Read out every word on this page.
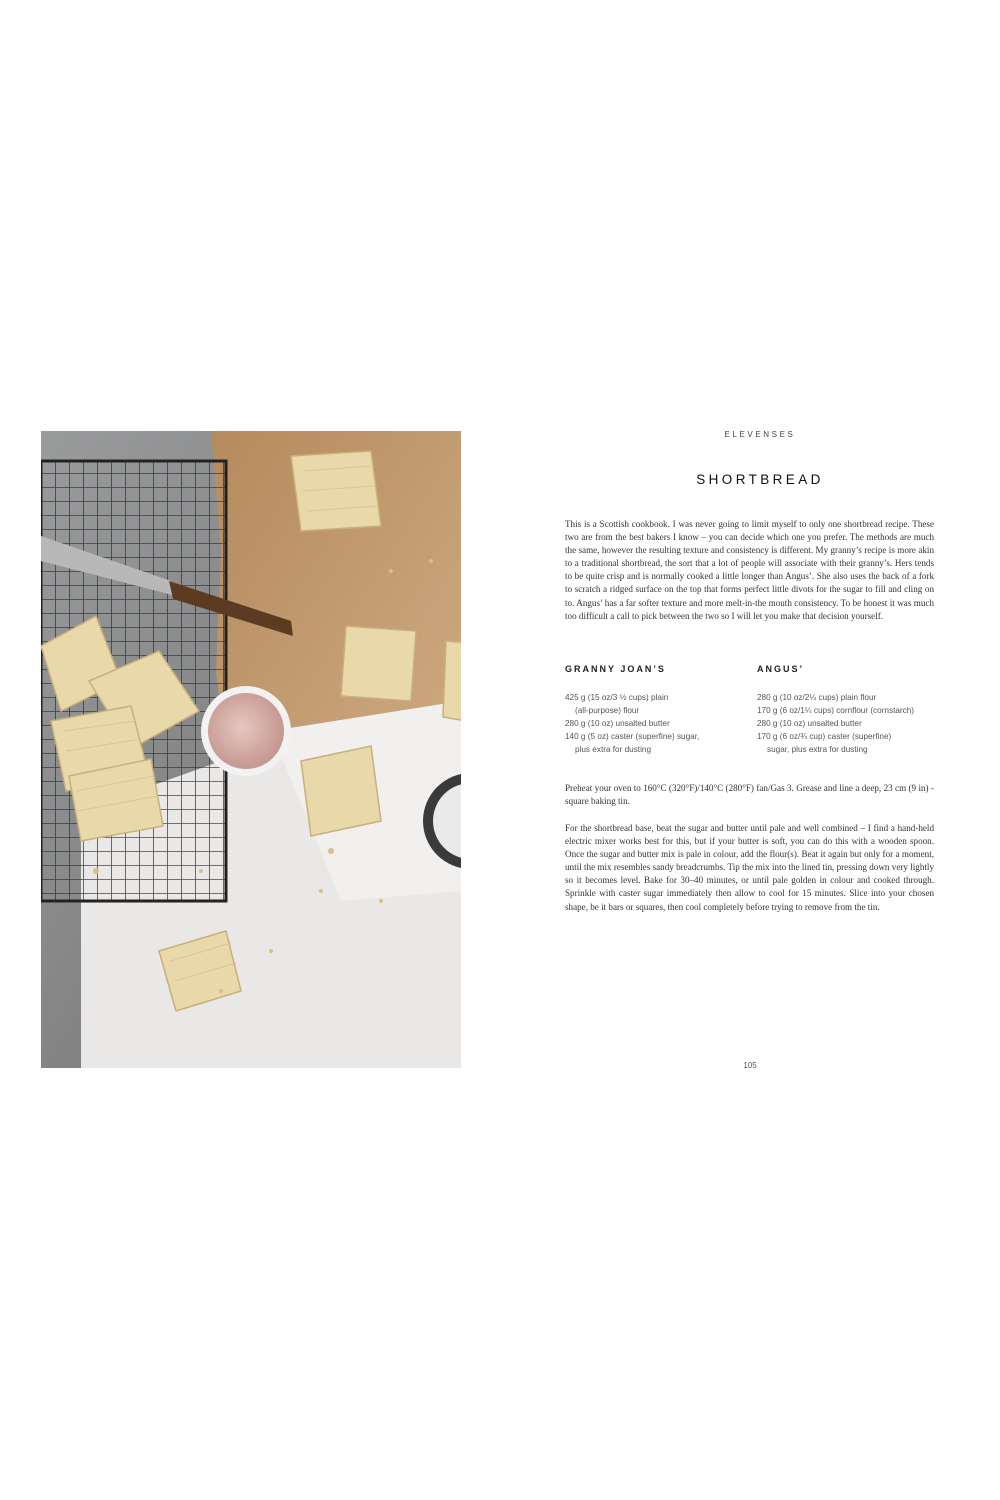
ELEVENSES
SHORTBREAD

This is a Scottish cookbook. I was never going to limit myself to only one shortbread recipe. These two are from the best bakers I know – you can decide which one you prefer. The methods are much the same, however the resulting texture and consistency is different. My granny’s recipe is more akin to a traditional shortbread, the sort that a lot of people will associate with their granny’s. Hers tends to be quite crisp and is normally cooked a little longer than Angus’. She also uses the back of a fork to scratch a ridged surface on the top that forms perfect little divots for the sugar to fill and cling on to. Angus’ has a far softer texture and more melt-in-the mouth consistency. To be honest it was much too difficult a call to pick between the two so I will let you make that decision yourself.

GRANNY JOAN’S
425 g (15 oz/3 ½ cups) plain
(all-purpose) flour
280 g (10 oz) unsalted butter
140 g (5 oz) caster (superfine) sugar,
plus extra for dusting
ANGUS’
280 g (10 oz/2¼ cups) plain flour
170 g (6 oz/1¼ cups) cornflour (cornstarch)
280 g (10 oz) unsalted butter
170 g (6 oz/¾ cup) caster (superfine)
sugar, plus extra for dusting

Preheat your oven to 160°C (320°F)/140°C (280°F) fan/Gas 3. Grease and line a deep, 23 cm (9 in) -square baking tin.

For the shortbread base, beat the sugar and butter until pale and well combined – I find a hand-held electric mixer works best for this, but if your butter is soft, you can do this with a wooden spoon. Once the sugar and butter mix is pale in colour, add the flour(s). Beat it again but only for a moment, until the mix resembles sandy breadcrumbs. Tip the mix into the lined tin, pressing down very lightly so it becomes level. Bake for 30–40 minutes, or until pale golden in colour and cooked through. Sprinkle with caster sugar immediately then allow to cool for 15 minutes. Slice into your chosen shape, be it bars or squares, then cool completely before trying to remove from the tin.

105
